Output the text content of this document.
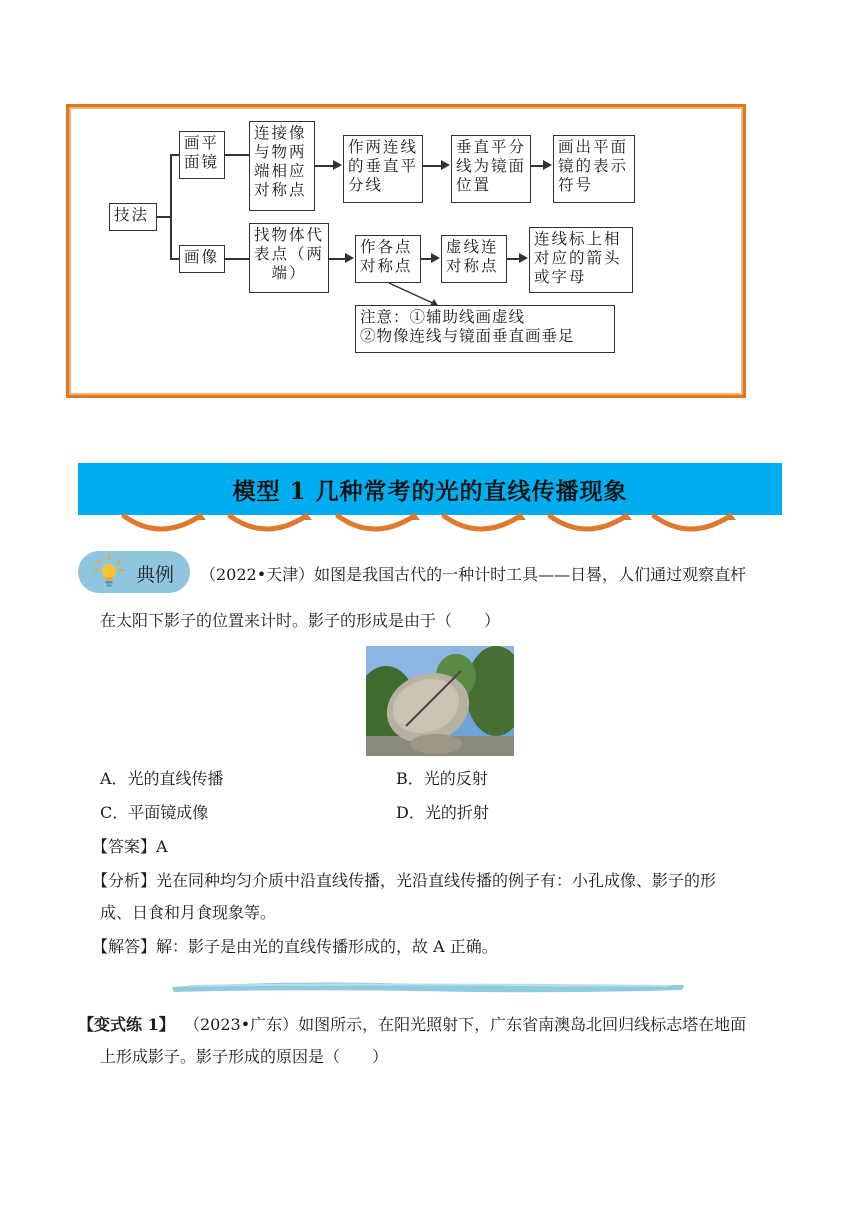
技法
画平面镜
连接像与物两端相应对称点
作两连线的垂直平分线
垂直平分线为镜面位置
画出平面镜的表示符号
画像
找物体代表点（两端）
作各点对称点
虚线连对称点
连线标上相对应的箭头或字母
注意：①辅助线画虚线
②物像连线与镜面垂直画垂足
模型 1 几种常考的光的直线传播现象
典例 （2022•天津）如图是我国古代的一种计时工具——日晷，人们通过观察直杆
在太阳下影子的位置来计时。影子的形成是由于（　　）
A．光的直线传播	B．光的反射
C．平面镜成像	D．光的折射
【答案】A
【分析】光在同种均匀介质中沿直线传播，光沿直线传播的例子有：小孔成像、影子的形
成、日食和月食现象等。
【解答】解：影子是由光的直线传播形成的，故 A 正确。
【变式练 1】 （2023•广东）如图所示，在阳光照射下，广东省南澳岛北回归线标志塔在地面
上形成影子。影子形成的原因是（　　）
